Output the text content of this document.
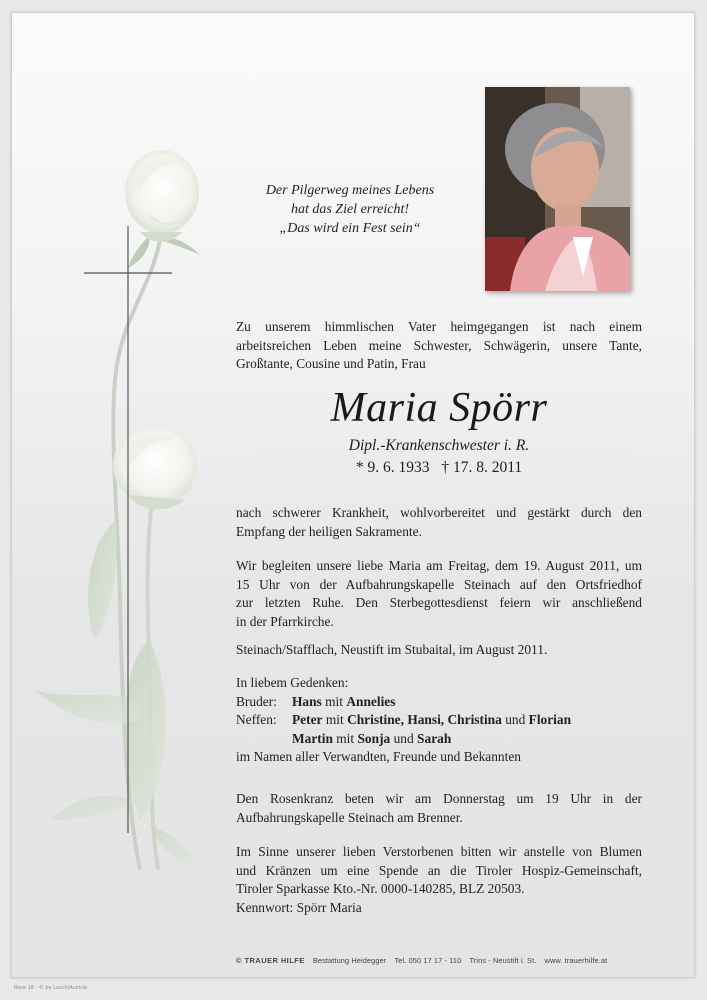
Der Pilgerweg meines Lebens
hat das Ziel erreicht!
„Das wird ein Fest sein“
Zu unserem himmlischen Vater heimgegangen ist nach einem
arbeitsreichen Leben meine Schwester, Schwägerin, unsere Tante,
Großtante, Cousine und Patin, Frau
Maria Spörr
Dipl.-Krankenschwester i. R.
* 9. 6. 1933 † 17. 8. 2011
nach schwerer Krankheit, wohlvorbereitet und gestärkt durch den
Empfang der heiligen Sakramente.
Wir begleiten unsere liebe Maria am Freitag, dem 19. August 2011, um
15 Uhr von der Aufbahrungskapelle Steinach auf den Ortsfriedhof
zur letzten Ruhe. Den Sterbegottesdienst feiern wir anschließend
in der Pfarrkirche.
Steinach/Stafflach, Neustift im Stubaital, im August 2011.
In liebem Gedenken:
Bruder:	Hans mit Annelies
Neffen:	Peter mit Christine, Hansi, Christina und Florian
Martin mit Sonja und Sarah
im Namen aller Verwandten, Freunde und Bekannten
Den Rosenkranz beten wir am Donnerstag um 19 Uhr in der
Aufbahrungskapelle Steinach am Brenner.
Im Sinne unserer lieben Verstorbenen bitten wir anstelle von Blumen
und Kränzen um eine Spende an die Tiroler Hospiz-Gemeinschaft,
Tiroler Sparkasse Kto.-Nr. 0000-140285, BLZ 20503.
Kennwort: Spörr Maria
© TRAUER HILFE Bestattung Heidegger Tel. 050 17 17 - 110 Trins - Neustift i. St. www. trauerhilfe.at
Rose 18 - © by Lasch/Austria
